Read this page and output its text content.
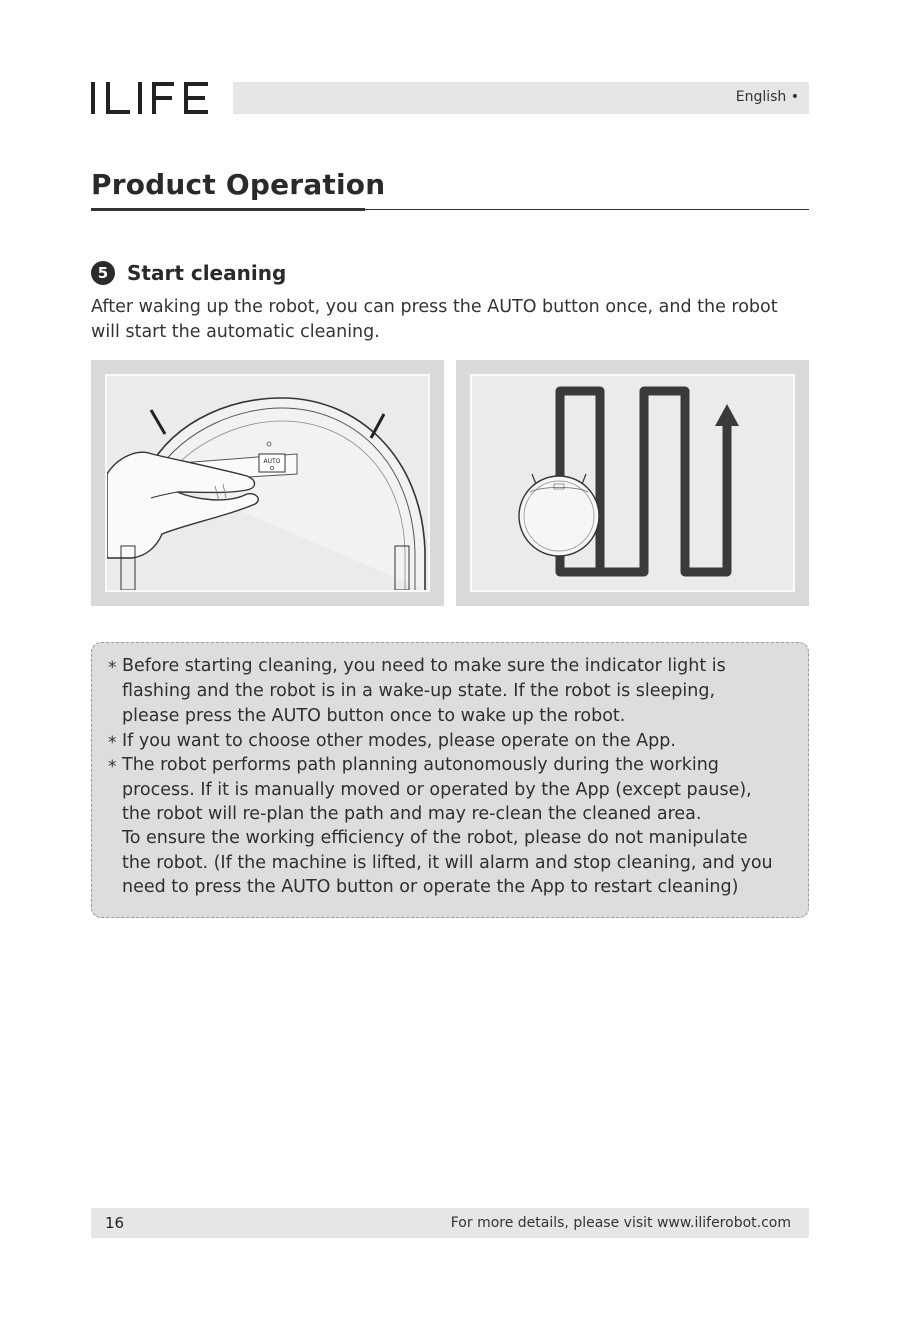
English •
Product Operation
5 Start cleaning
After waking up the robot, you can press the AUTO button once, and the robot
will start the automatic cleaning.
AUTO
* Before starting cleaning, you need to make sure the indicator light is
flashing and the robot is in a wake-up state. If the robot is sleeping,
please press the AUTO button once to wake up the robot.
* If you want to choose other modes, please operate on the App.
* The robot performs path planning autonomously during the working
process. If it is manually moved or operated by the App (except pause),
the robot will re-plan the path and may re-clean the cleaned area.
To ensure the working efficiency of the robot, please do not manipulate
the robot. (If the machine is lifted, it will alarm and stop cleaning, and you
need to press the AUTO button or operate the App to restart cleaning)
16	For more details, please visit www.iliferobot.com
